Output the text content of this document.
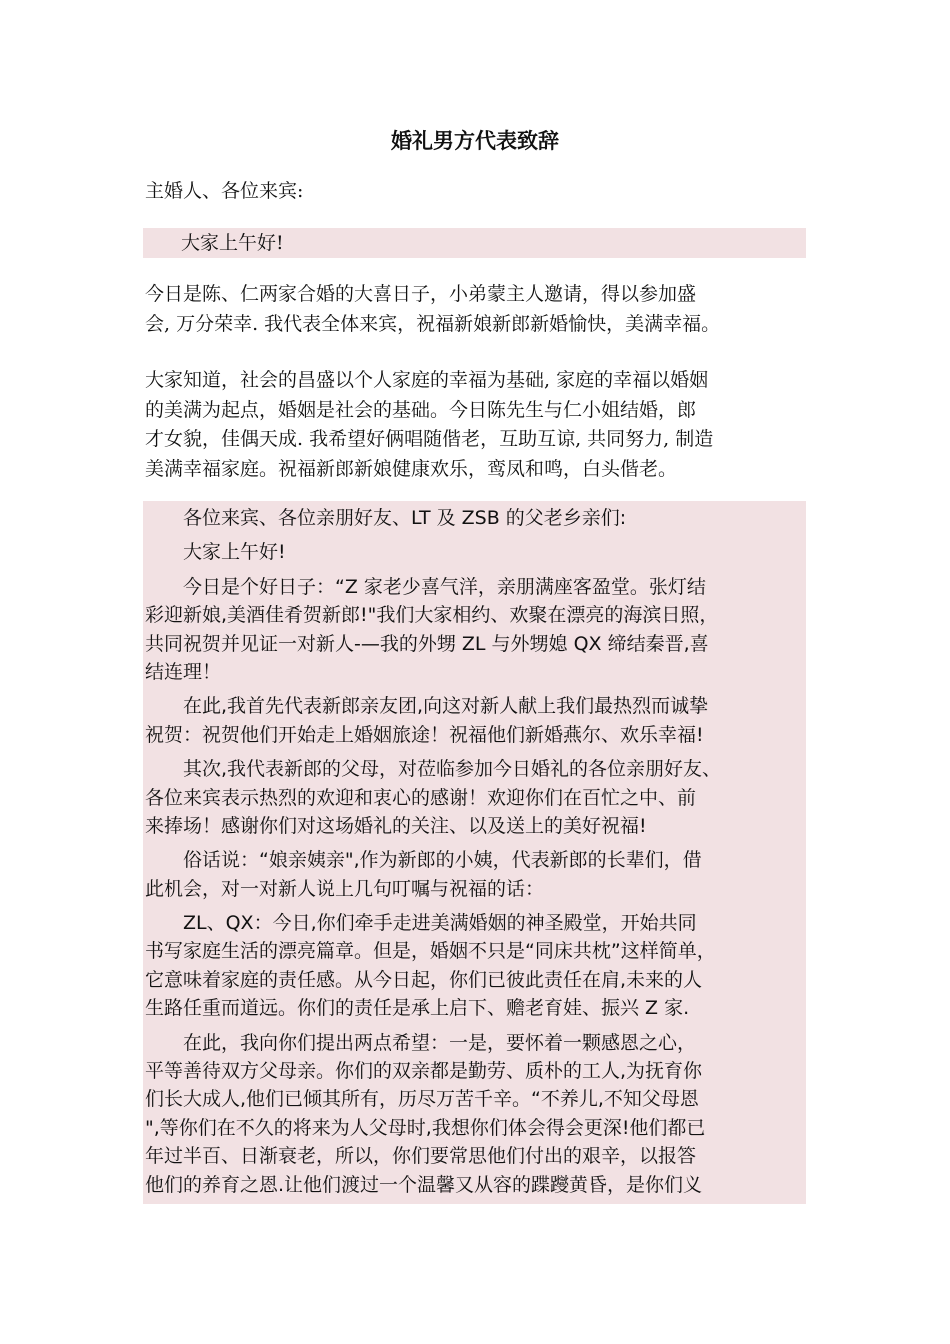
婚礼男方代表致辞
主婚人、各位来宾:
大家上午好!
今日是陈、仁两家合婚的大喜日子，小弟蒙主人邀请，得以参加盛
会, 万分荣幸. 我代表全体来宾，祝福新娘新郎新婚愉快，美满幸福。
大家知道，社会的昌盛以个人家庭的幸福为基础, 家庭的幸福以婚姻
的美满为起点，婚姻是社会的基础。今日陈先生与仁小姐结婚，郎
才女貌，佳偶天成. 我希望好俩唱随偕老，互助互谅, 共同努力, 制造
美满幸福家庭。祝福新郎新娘健康欢乐，鸾凤和鸣，白头偕老。
各位来宾、各位亲朋好友、LT 及 ZSB 的父老乡亲们:
大家上午好!
今日是个好日子：“Z 家老少喜气洋，亲朋满座客盈堂。张灯结
彩迎新娘,美酒佳肴贺新郎!"我们大家相约、欢聚在漂亮的海滨日照，
共同祝贺并见证一对新人-—我的外甥 ZL 与外甥媳 QX 缔结秦晋,喜
结连理！
在此,我首先代表新郎亲友团,向这对新人献上我们最热烈而诚挚
祝贺：祝贺他们开始走上婚姻旅途！祝福他们新婚燕尔、欢乐幸福!
其次,我代表新郎的父母，对莅临参加今日婚礼的各位亲朋好友、
各位来宾表示热烈的欢迎和衷心的感谢！欢迎你们在百忙之中、前
来捧场！感谢你们对这场婚礼的关注、以及送上的美好祝福!
俗话说：“娘亲姨亲",作为新郎的小姨，代表新郎的长辈们，借
此机会，对一对新人说上几句叮嘱与祝福的话：
ZL、QX：今日,你们牵手走进美满婚姻的神圣殿堂，开始共同
书写家庭生活的漂亮篇章。但是，婚姻不只是“同床共枕”这样简单，
它意味着家庭的责任感。从今日起，你们已彼此责任在肩,未来的人
生路任重而道远。你们的责任是承上启下、赡老育娃、振兴 Z 家.
在此，我向你们提出两点希望：一是，要怀着一颗感恩之心，
平等善待双方父母亲。你们的双亲都是勤劳、质朴的工人,为抚育你
们长大成人,他们已倾其所有，历尽万苦千辛。“不养儿,不知父母恩
",等你们在不久的将来为人父母时,我想你们体会得会更深!他们都已
年过半百、日渐衰老，所以，你们要常思他们付出的艰辛，以报答
他们的养育之恩.让他们渡过一个温馨又从容的蹀躞黄昏，是你们义
